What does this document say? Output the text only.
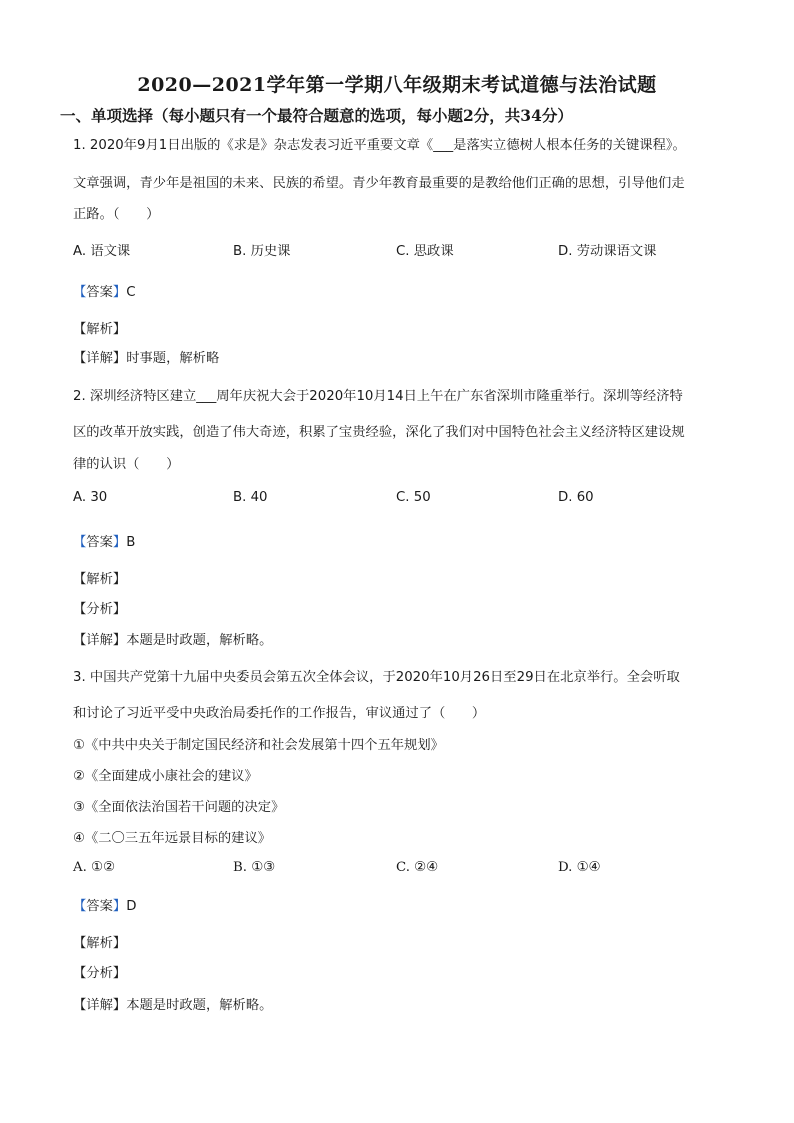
2020—2021学年第一学期八年级期末考试道德与法治试题
一、单项选择（每小题只有一个最符合题意的选项，每小题2分，共34分）
1. 2020年9月1日出版的《求是》杂志发表习近平重要文章《___是落实立德树人根本任务的关键课程》。
文章强调，青少年是祖国的未来、民族的希望。青少年教育最重要的是教给他们正确的思想，引导他们走
正路。（　　）
A. 语文课	B. 历史课	C. 思政课	D. 劳动课语文课
【答案】C
【解析】
【详解】时事题，解析略
2. 深圳经济特区建立___周年庆祝大会于2020年10月14日上午在广东省深圳市隆重举行。深圳等经济特
区的改革开放实践，创造了伟大奇迹，积累了宝贵经验，深化了我们对中国特色社会主义经济特区建设规
律的认识（　　）
A. 30	B. 40	C. 50	D. 60
【答案】B
【解析】
【分析】
【详解】本题是时政题，解析略。
3. 中国共产党第十九届中央委员会第五次全体会议，于2020年10月26日至29日在北京举行。全会听取
和讨论了习近平受中央政治局委托作的工作报告，审议通过了（　　）
①《中共中央关于制定国民经济和社会发展第十四个五年规划》
②《全面建成小康社会的建议》
③《全面依法治国若干问题的决定》
④《二〇三五年远景目标的建议》
A. ①②	B. ①③	C. ②④	D. ①④
【答案】D
【解析】
【分析】
【详解】本题是时政题，解析略。
